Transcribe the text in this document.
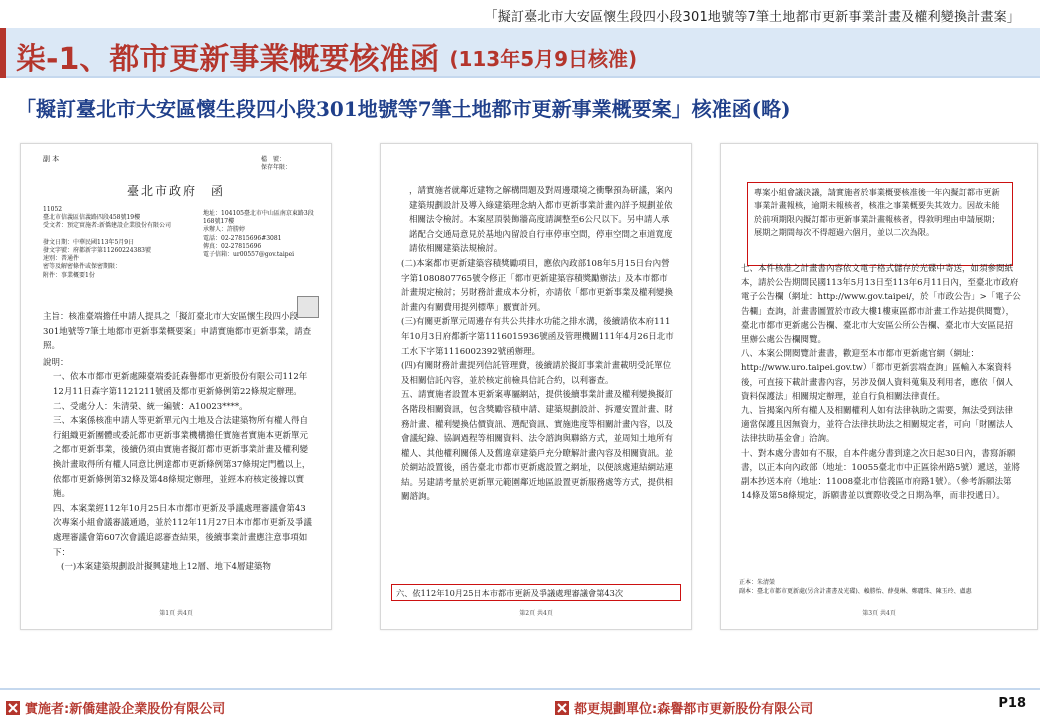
「擬訂臺北市大安區懷生段四小段301地號等7筆土地都市更新事業計畫及權利變換計畫案」
柒-1、都市更新事業概要核准函 (113年5月9日核准)
「擬訂臺北市大安區懷生段四小段301地號等7筆土地都市更新事業概要案」核准函(略)
副 本	檔　號：
保存年限：
臺北市政府　函
11052
臺北市信義區信義路四段458號19樓
受文者：預定實施者:新僑建設企業股份有限公司

發文日期：中華民國113年5月9日
發文字號：府都新字第11260224383號
速別：普通件
密等及解密條件或保密期限：
附件：事業概要1份
地址：104105臺北市中山區南京東路3段168號17樓
承辦人：許勝婷
電話：02-27815696#3081
傳真：02-27815696
電子信箱：ur00557@gov.taipei
主旨：核准臺端擔任申請人提具之「擬訂臺北市大安區懷生段四小段301地號等7筆土地都市更新事業概要案」申請實施都市更新事業，請查照。
說明：
一、依本市都市更新處陳臺端委託森譽都市更新股份有限公司112年12月11日森字第1121211號函及都市更新條例第22條規定辦理。
二、受處分人：朱清榮、統一編號：A10023****。
三、本案係核准申請人等更新單元內土地及合法建築物所有權人得自行組織更新團體或委託都市更新事業機構擔任實施者實施本更新單元之都市更新事業，後續仍須由實施者擬訂都市更新事業計畫及權利變換計畫取得所有權人同意比例達都市更新條例第37條規定門檻以上，依都市更新條例第32條及第48條規定辦理，並經本府核定後據以實施。
四、本案業經112年10月25日本市都市更新及爭議處理審議會第43次專案小組會議審議通過，並於112年11月27日本市都市更新及爭議處理審議會第607次會議追認審查結果，後續事業計畫應注意事項如下：
(一)本案建築規劃設計擬興建地上12層、地下4層建築物
第1頁 共4頁
，請實施者就鄰近建物之解構問題及對周邊環境之衝擊預為研議，案內建築規劃設計及導入綠建築理念納入都市更新事業計畫內詳予規劃並依相關法令檢討。本案屋頂裝飾牆高度請調整至6公尺以下。另申請人承諾配合交通局意見於基地內留設自行車停車空間，停車空間之車道寬度請依相關建築法規檢討。
(二)本案都市更新建築容積獎勵項目，應依內政部108年5月15日台內營字第1080807765號令修正「都市更新建築容積獎勵辦法」及本市都市計畫規定檢討；另財務計畫成本分析，亦請依「都市更新事業及權利變換計畫內有關費用提列標準」覈實計列。
(三)有關更新單元周邊存有共公共排水功能之排水溝，後續請依本府111年10月3日府都新字第1116015936號函及管理機關111年4月26日北市工水下字第1116002392號函辦理。
(四)有關財務計畫提列信託管理費，後續請於擬訂事業計畫載明受託單位及相關信託內容，並於核定前檢具信託合約，以利審查。
五、請實施者設置本更新案專屬網站，提供後續事業計畫及權利變換擬訂各階段相關資訊，包含獎勵容積申請、建築規劃設計、拆遷安置計畫、財務計畫、權利變換估價資訊、選配資訊、實施進度等相關計畫內容，以及會議紀錄、協調過程等相關資料、法令諮詢與聯絡方式，並周知土地所有權人、其他權利關係人及舊違章建築戶充分瞭解計畫內容及相關資訊。並於網站設置後，函告臺北市都市更新處設置之網址，以便該處連結網站連結。另建請考量於更新單元範圍鄰近地區設置更新服務處等方式，提供相關諮詢。
六、依112年10月25日本市都市更新及爭議處理審議會第43次
第2頁 共4頁
專案小組會議決議，請實施者於事業概要核准後一年內擬訂都市更新事業計畫報核，逾期未報核者，核准之事業概要失其效力。因故未能於前項期限內擬訂都市更新事業計畫報核者，得敘明理由申請展期；展期之期間每次不得超過六個月，並以二次為限。
七、本件核准之計畫書內容依文電子格式儲存於光碟中寄送，如須參閱紙本，請於公告期間民國113年5月13日至113年6月11日內，至臺北市政府電子公告欄（網址：http://www.gov.taipei/，於「市政公告」>「電子公告欄」查詢，計畫書圖置於市政大樓1樓東區都市計畫工作站提供閱覽），臺北市都市更新處公告欄、臺北市大安區公所公告欄、臺北市大安區昆招里辦公處公告欄閱覽。
八、本案公開閱覽計畫書，歡迎至本市都市更新處官網（網址：http://www.uro.taipei.gov.tw）「都市更新雲端查詢」區輸入本案資料後，可直接下載計畫書內容，另涉及個人資料蒐集及利用者，應依「個人資料保護法」相關規定辦理，並自行負相關法律責任。
九、旨揭案內所有權人及相關權利人如有法律執助之需要，無法受到法律適當保護且因無資力，並符合法律扶助法之相關規定者，可向「財團法人法律扶助基金會」洽詢。
十、對本處分書如有不服，自本件處分書到達之次日起30日內，書寫訴願書，以正本向內政部（地址：10055臺北市中正區徐州路5號）遞送，並將副本抄送本府（地址：11008臺北市信義區市府路1號）。（參考訴願法第14條及第58條規定，訴願書並以實際收受之日期為準，而非投遞日）。
正本：朱清榮
副本：臺北市都市更新處(另含計畫書及光碟)、賴勝怡、薛曼琳、鄭麗珠、陳玉玲、盧惠
第3頁 共4頁
實施者:新僑建設企業股份有限公司	都更規劃單位:森譽都市更新股份有限公司	P18
